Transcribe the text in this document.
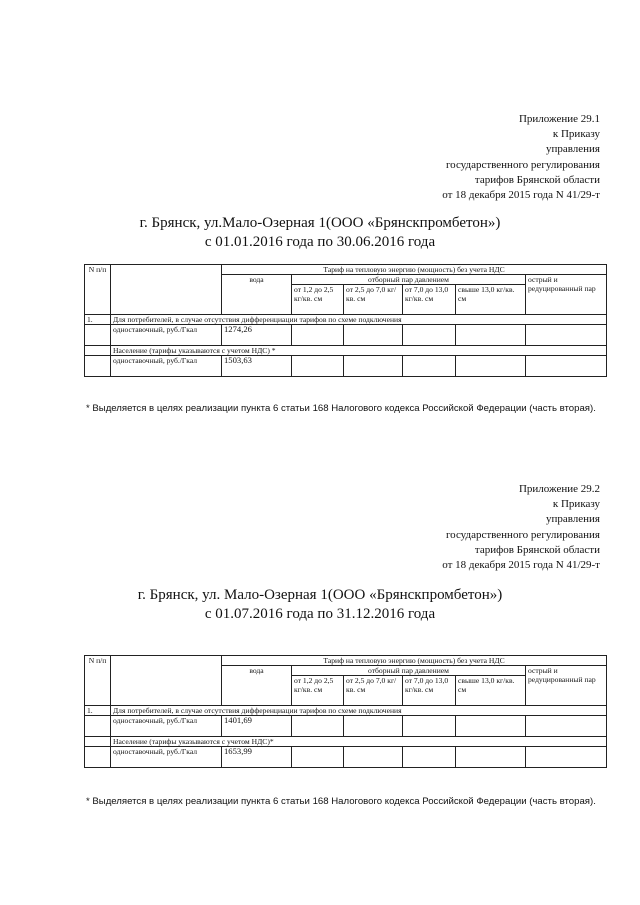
Приложение 29.1
к Приказу
управления
государственного регулирования
тарифов Брянской области
от 18 декабря 2015 года N 41/29-т
г. Брянск, ул.Мало-Озерная 1(ООО «Брянскпромбетон»)
с 01.01.2016 года по 30.06.2016 года
N п/п		Тариф на тепловую энергию (мощность) без учета НДС					
		вода	отборный пар давлением				острый и редуцированный пар
			от 1,2 до 2,5 кг/кв. см	от 2,5 до 7,0 кг/кв. см	от 7,0 до 13,0 кг/кв. см	свыше 13,0 кг/кв. см	
1.	Для потребителей, в случае отсутствия дифференциации тарифов по схеме подключения						
	одноставочный, руб./Гкал	1274,26					
	Население (тарифы указываются с учетом НДС) *						
	одноставочный, руб./Гкал	1503,63					
* Выделяется в целях реализации пункта 6 статьи 168 Налогового кодекса Российской Федерации (часть вторая).
Приложение 29.2
к Приказу
управления
государственного регулирования
тарифов Брянской области
от 18 декабря 2015 года N 41/29-т
г. Брянск, ул. Мало-Озерная 1(ООО «Брянскпромбетон»)
с 01.07.2016 года по 31.12.2016 года
N п/п		Тариф на тепловую энергию (мощность) без учета НДС					
		вода	отборный пар давлением				острый и редуцированный пар
			от 1,2 до 2,5 кг/кв. см	от 2,5 до 7,0 кг/кв. см	от 7,0 до 13,0 кг/кв. см	свыше 13,0 кг/кв. см	
1.	Для потребителей, в случае отсутствия дифференциации тарифов по схеме подключения						
	одноставочный, руб./Гкал	1401,69					
	Население (тарифы указываются с учетом НДС)*						
	одноставочный, руб./Гкал	1653,99					
* Выделяется в целях реализации пункта 6 статьи 168 Налогового кодекса Российской Федерации (часть вторая).
